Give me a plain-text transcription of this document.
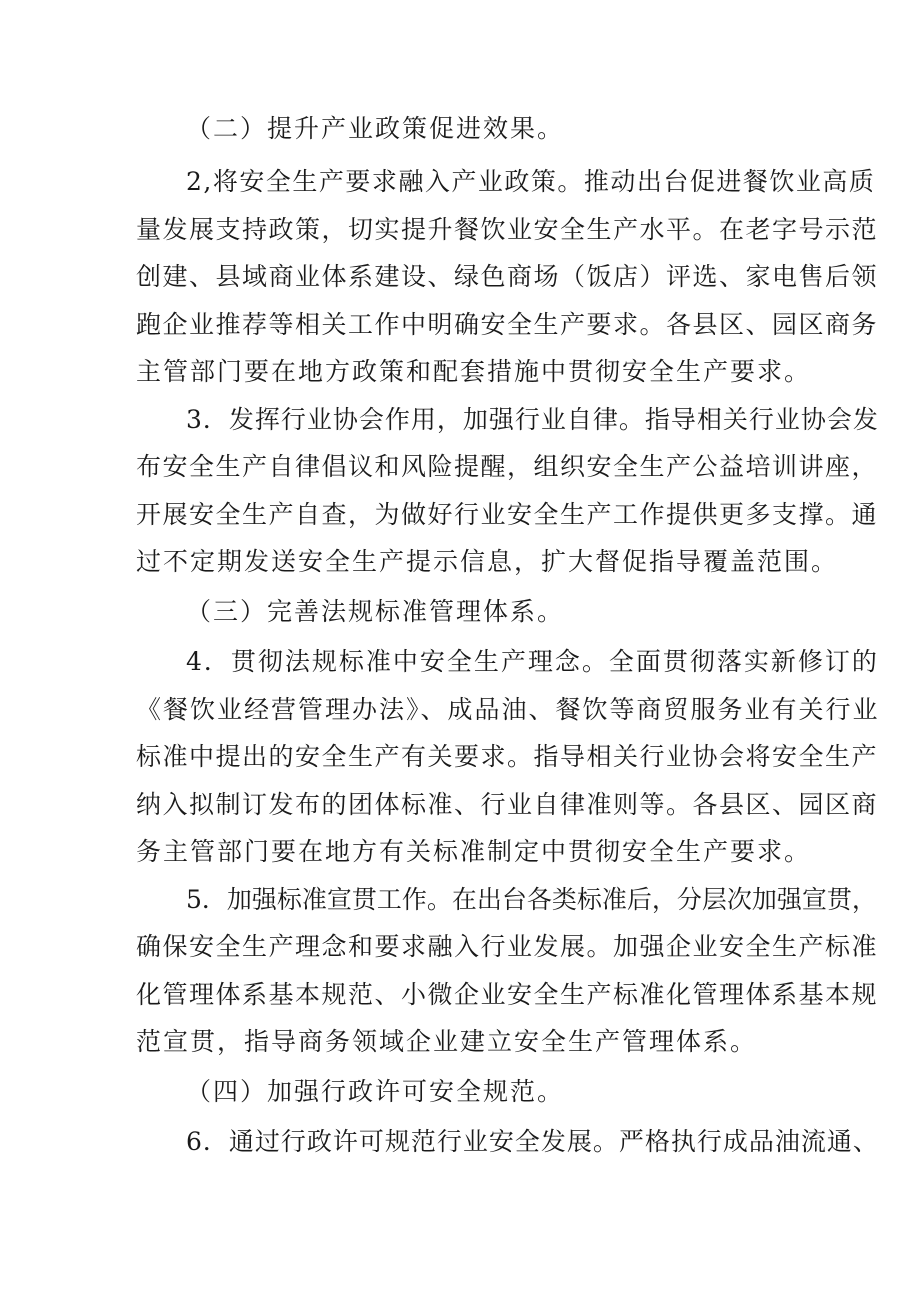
（二）提升产业政策促进效果。

2,将安全生产要求融入产业政策。推动出台促进餐饮业高质

量发展支持政策，切实提升餐饮业安全生产水平。在老字号示范

创建、县域商业体系建设、绿色商场（饭店）评选、家电售后领

跑企业推荐等相关工作中明确安全生产要求。各县区、园区商务

主管部门要在地方政策和配套措施中贯彻安全生产要求。

3．发挥行业协会作用，加强行业自律。指导相关行业协会发

布安全生产自律倡议和风险提醒，组织安全生产公益培训讲座，

开展安全生产自查，为做好行业安全生产工作提供更多支撑。通

过不定期发送安全生产提示信息，扩大督促指导覆盖范围。

（三）完善法规标准管理体系。

4．贯彻法规标准中安全生产理念。全面贯彻落实新修订的

《餐饮业经营管理办法》、成品油、餐饮等商贸服务业有关行业

标准中提出的安全生产有关要求。指导相关行业协会将安全生产

纳入拟制订发布的团体标准、行业自律准则等。各县区、园区商

务主管部门要在地方有关标准制定中贯彻安全生产要求。

5．加强标准宣贯工作。在出台各类标准后，分层次加强宣贯，

确保安全生产理念和要求融入行业发展。加强企业安全生产标准

化管理体系基本规范、小微企业安全生产标准化管理体系基本规

范宣贯，指导商务领域企业建立安全生产管理体系。

（四）加强行政许可安全规范。

6．通过行政许可规范行业安全发展。严格执行成品油流通、
